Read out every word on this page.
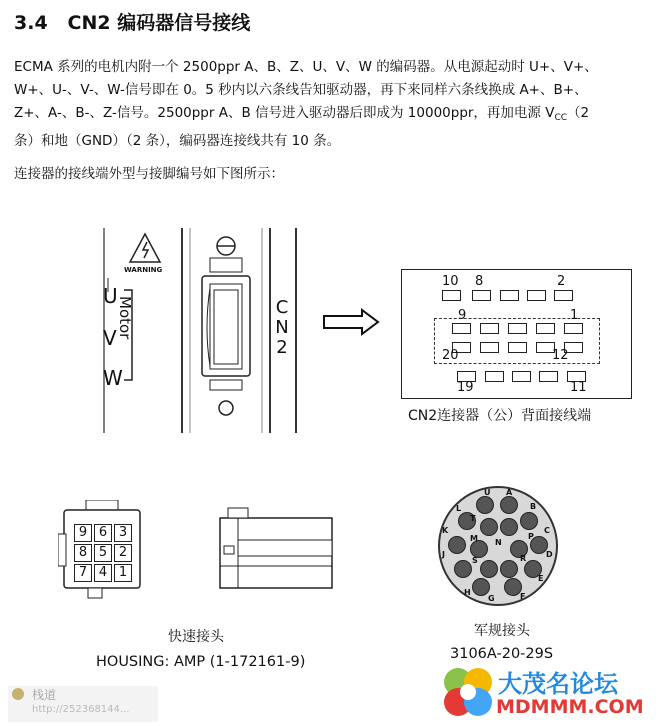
3.4 CN2 编码器信号接线
ECMA 系列的电机内附一个 2500ppr A、B、Z、U、V、W 的编码器。从电源起动时 U+、V+、
W+、U-、V-、W-信号即在 0。5 秒内以六条线告知驱动器，再下来同样六条线换成 A+、B+、
Z+、A-、B-、Z-信号。2500ppr A、B 信号进入驱动器后即成为 10000ppr，再加电源 $V_{CC}(2$
条）和地（GND）（2 条），编码器连接线共有 10 条。
连接器的接线端外型与接脚编号如下图所示：
WARNING
U
V
W
Motor	C
N
2
10 8	2
9	1
20	12
19	11
CN2连接器（公）背面接线端
9 6 3
8 5 2
7 4 1
快速接头
HOUSING: AMP (1-172161-9)
A
B
C
D
E
F
G
H
J
K
L
M N
P
R
S
T
U
军规接头
3106A-20-29S
栈道
http://252368144...
大茂名论坛
MDMMM.COM
